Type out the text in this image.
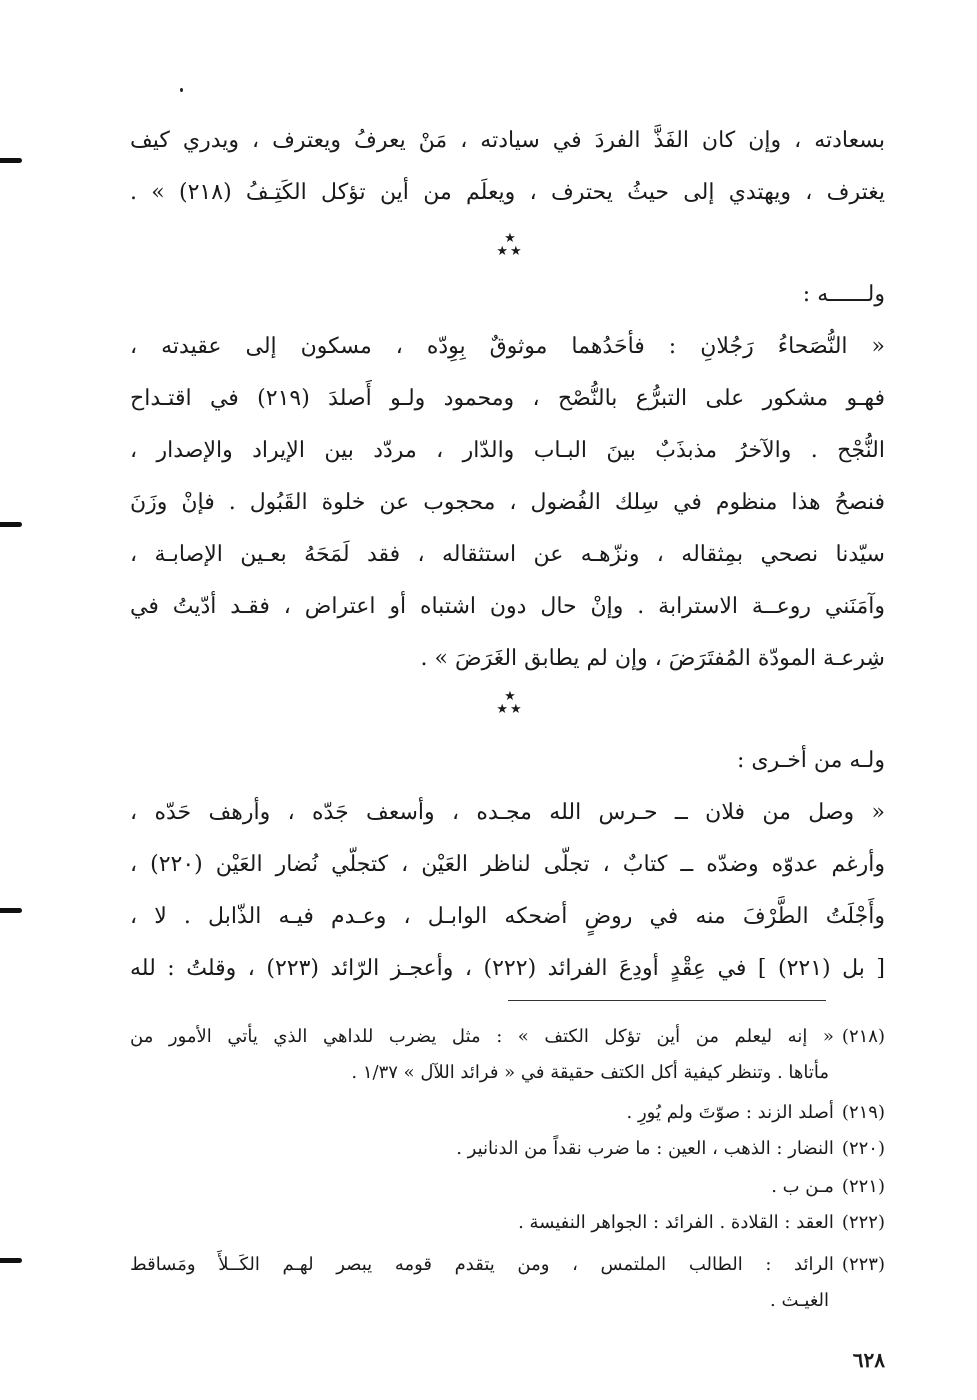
بسعادته ، وإن كان الفَذَّ الفردَ في سيادته ، مَنْ يعرفُ ويعترف ، ويدري كيف
يغترف ، ويهتدي إلى حيثُ يحترف ، ويعلَم من أين تؤكل الكَتِـفُ (٢١٨) » .
ولــــــه :
« النُّصَحاءُ رَجُلانِ : فأحَدُهما موثوقٌ بِوِدّه ، مسكون إلى عقيدته ،
فهـو مشكور على التبرُّع بالنُّصْح ، ومحمود ولـو أَصلدَ (٢١٩) في اقتـداح
النُّجْح . والآخرُ مذبذَبٌ بينَ البـاب والدّار ، مردّد بين الإيراد والإصدار ،
فنصحُ هذا منظوم في سِلك الفُضول ، محجوب عن خلوة القَبُول . فإنْ وزَنَ
سيّدنا نصحي بمِثقاله ، ونزّهـه عن استثقاله ، فقد لَمَحَهُ بعـين الإصابـة ،
وآمَنَني روعــة الاسترابة . وإنْ حال دون اشتباه أو اعتراض ، فقـد أدّيتُ في
شِرعـة المودّة المُفتَرَضَ ، وإن لم يطابق الغَرَضَ » .
ولـه من أخـرى :
« وصل من فلان ــ حـرس الله مجـده ، وأسعف جَدّه ، وأرهف حَدّه ،
وأرغم عدوّه وضدّه ــ كتابٌ ، تجلّى لناظر العَيْن ، كتجلّي نُضار العَيْن (٢٢٠) ،
وأَجْلَتُ الطَّرْفَ منه في روضٍ أضحكه الوابـل ، وعـدم فيـه الذّابل . لا ،
[ بل (٢٢١) ] في عِقْدٍ أودِعَ الفرائد (٢٢٢) ، وأعجـز الرّائد (٢٢٣) ، وقلتُ : لله
★
★★
★
★★
(٢١٨)« إنه ليعلم من أين تؤكل الكتف » : مثل يضرب للداهي الذي يأتي الأمور من
مأتاها . وتنظر كيفية أكل الكتف حقيقة في « فرائد اللآل » ١/٣٧ .
(٢١٩)أصلد الزند : صوّتَ ولم يُورِ .
(٢٢٠)النضار : الذهب ، العين : ما ضرب نقداً من الدنانير .
(٢٢١)مـن ب .
(٢٢٢)العقد : القلادة . الفرائد : الجواهر النفيسة .
(٢٢٣)الرائد : الطالب الملتمس ، ومن يتقدم قومه يبصر لهـم الكَــلأَ ومَساقط
الغيـث .
٦٢٨
